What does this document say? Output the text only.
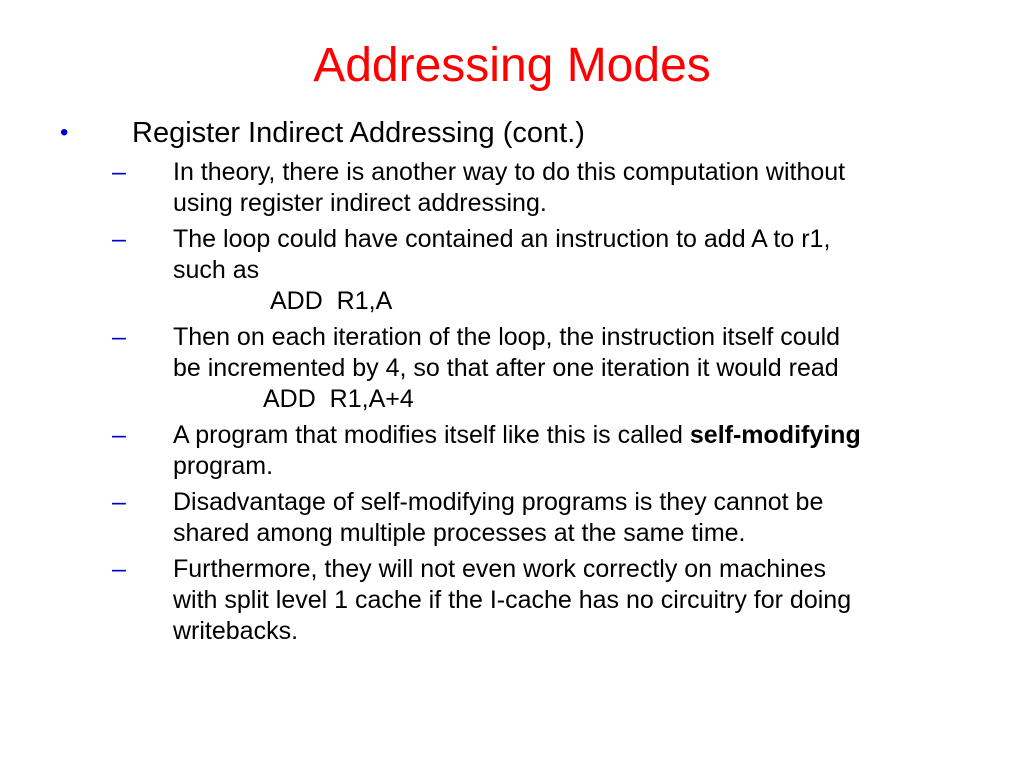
Addressing Modes
• Register Indirect Addressing (cont.)
– In theory, there is another way to do this computation without
using register indirect addressing.
– The loop could have contained an instruction to add A to r1,
such as
ADD  R1,A
– Then on each iteration of the loop, the instruction itself could
be incremented by 4, so that after one iteration it would read
ADD  R1,A+4
– A program that modifies itself like this is called self-modifying
program.
– Disadvantage of self-modifying programs is they cannot be
shared among multiple processes at the same time.
– Furthermore, they will not even work correctly on machines
with split level 1 cache if the I-cache has no circuitry for doing
writebacks.
